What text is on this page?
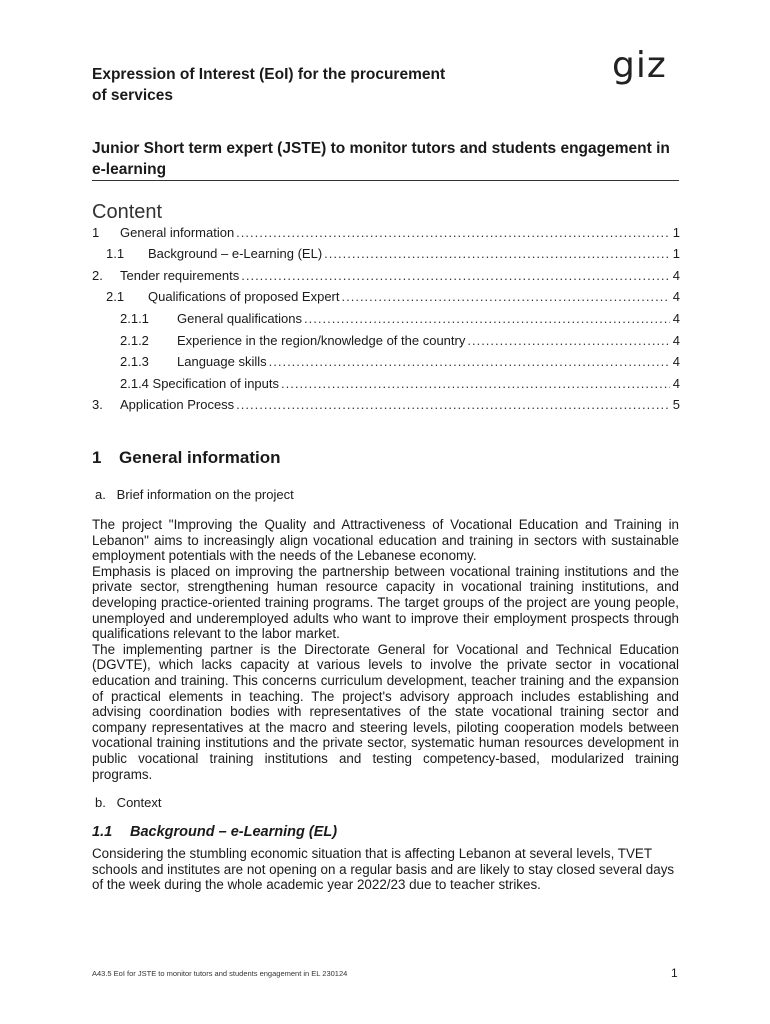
giz
Expression of Interest (EoI) for the procurement of services
Junior Short term expert (JSTE) to monitor tutors and students engagement in e-learning
Content
1	General information .....	1
1.1	Background – e-Learning (EL) .....	1
2.	Tender requirements .....	4
2.1	Qualifications of proposed Expert .....	4
2.1.1	General qualifications .....	4
2.1.2	Experience in the region/knowledge of the country .....	4
2.1.3	Language skills .....	4
2.1.4 Specification of inputs .....	4
3.	Application Process .....	5
1 General information
a.   Brief information on the project

The project "Improving the Quality and Attractiveness of Vocational Education and Training in Lebanon" aims to increasingly align vocational education and training in sectors with sustainable employment potentials with the needs of the Lebanese economy.

Emphasis is placed on improving the partnership between vocational training institutions and the private sector, strengthening human resource capacity in vocational training institutions, and developing practice-oriented training programs. The target groups of the project are young people, unemployed and underemployed adults who want to improve their employment prospects through qualifications relevant to the labor market.

The implementing partner is the Directorate General for Vocational and Technical Education (DGVTE), which lacks capacity at various levels to involve the private sector in vocational education and training. This concerns curriculum development, teacher training and the expansion of practical elements in teaching. The project's advisory approach includes establishing and advising coordination bodies with representatives of the state vocational training sector and company representatives at the macro and steering levels, piloting cooperation models between vocational training institutions and the private sector, systematic human resources development in public vocational training institutions and testing competency-based, modularized training programs.

b.   Context
1.1 Background – e-Learning (EL)

Considering the stumbling economic situation that is affecting Lebanon at several levels, TVET schools and institutes are not opening on a regular basis and are likely to stay closed several days of the week during the whole academic year 2022/23 due to teacher strikes.

A43.5 EoI for JSTE to monitor tutors and students engagement in EL 230124	1
